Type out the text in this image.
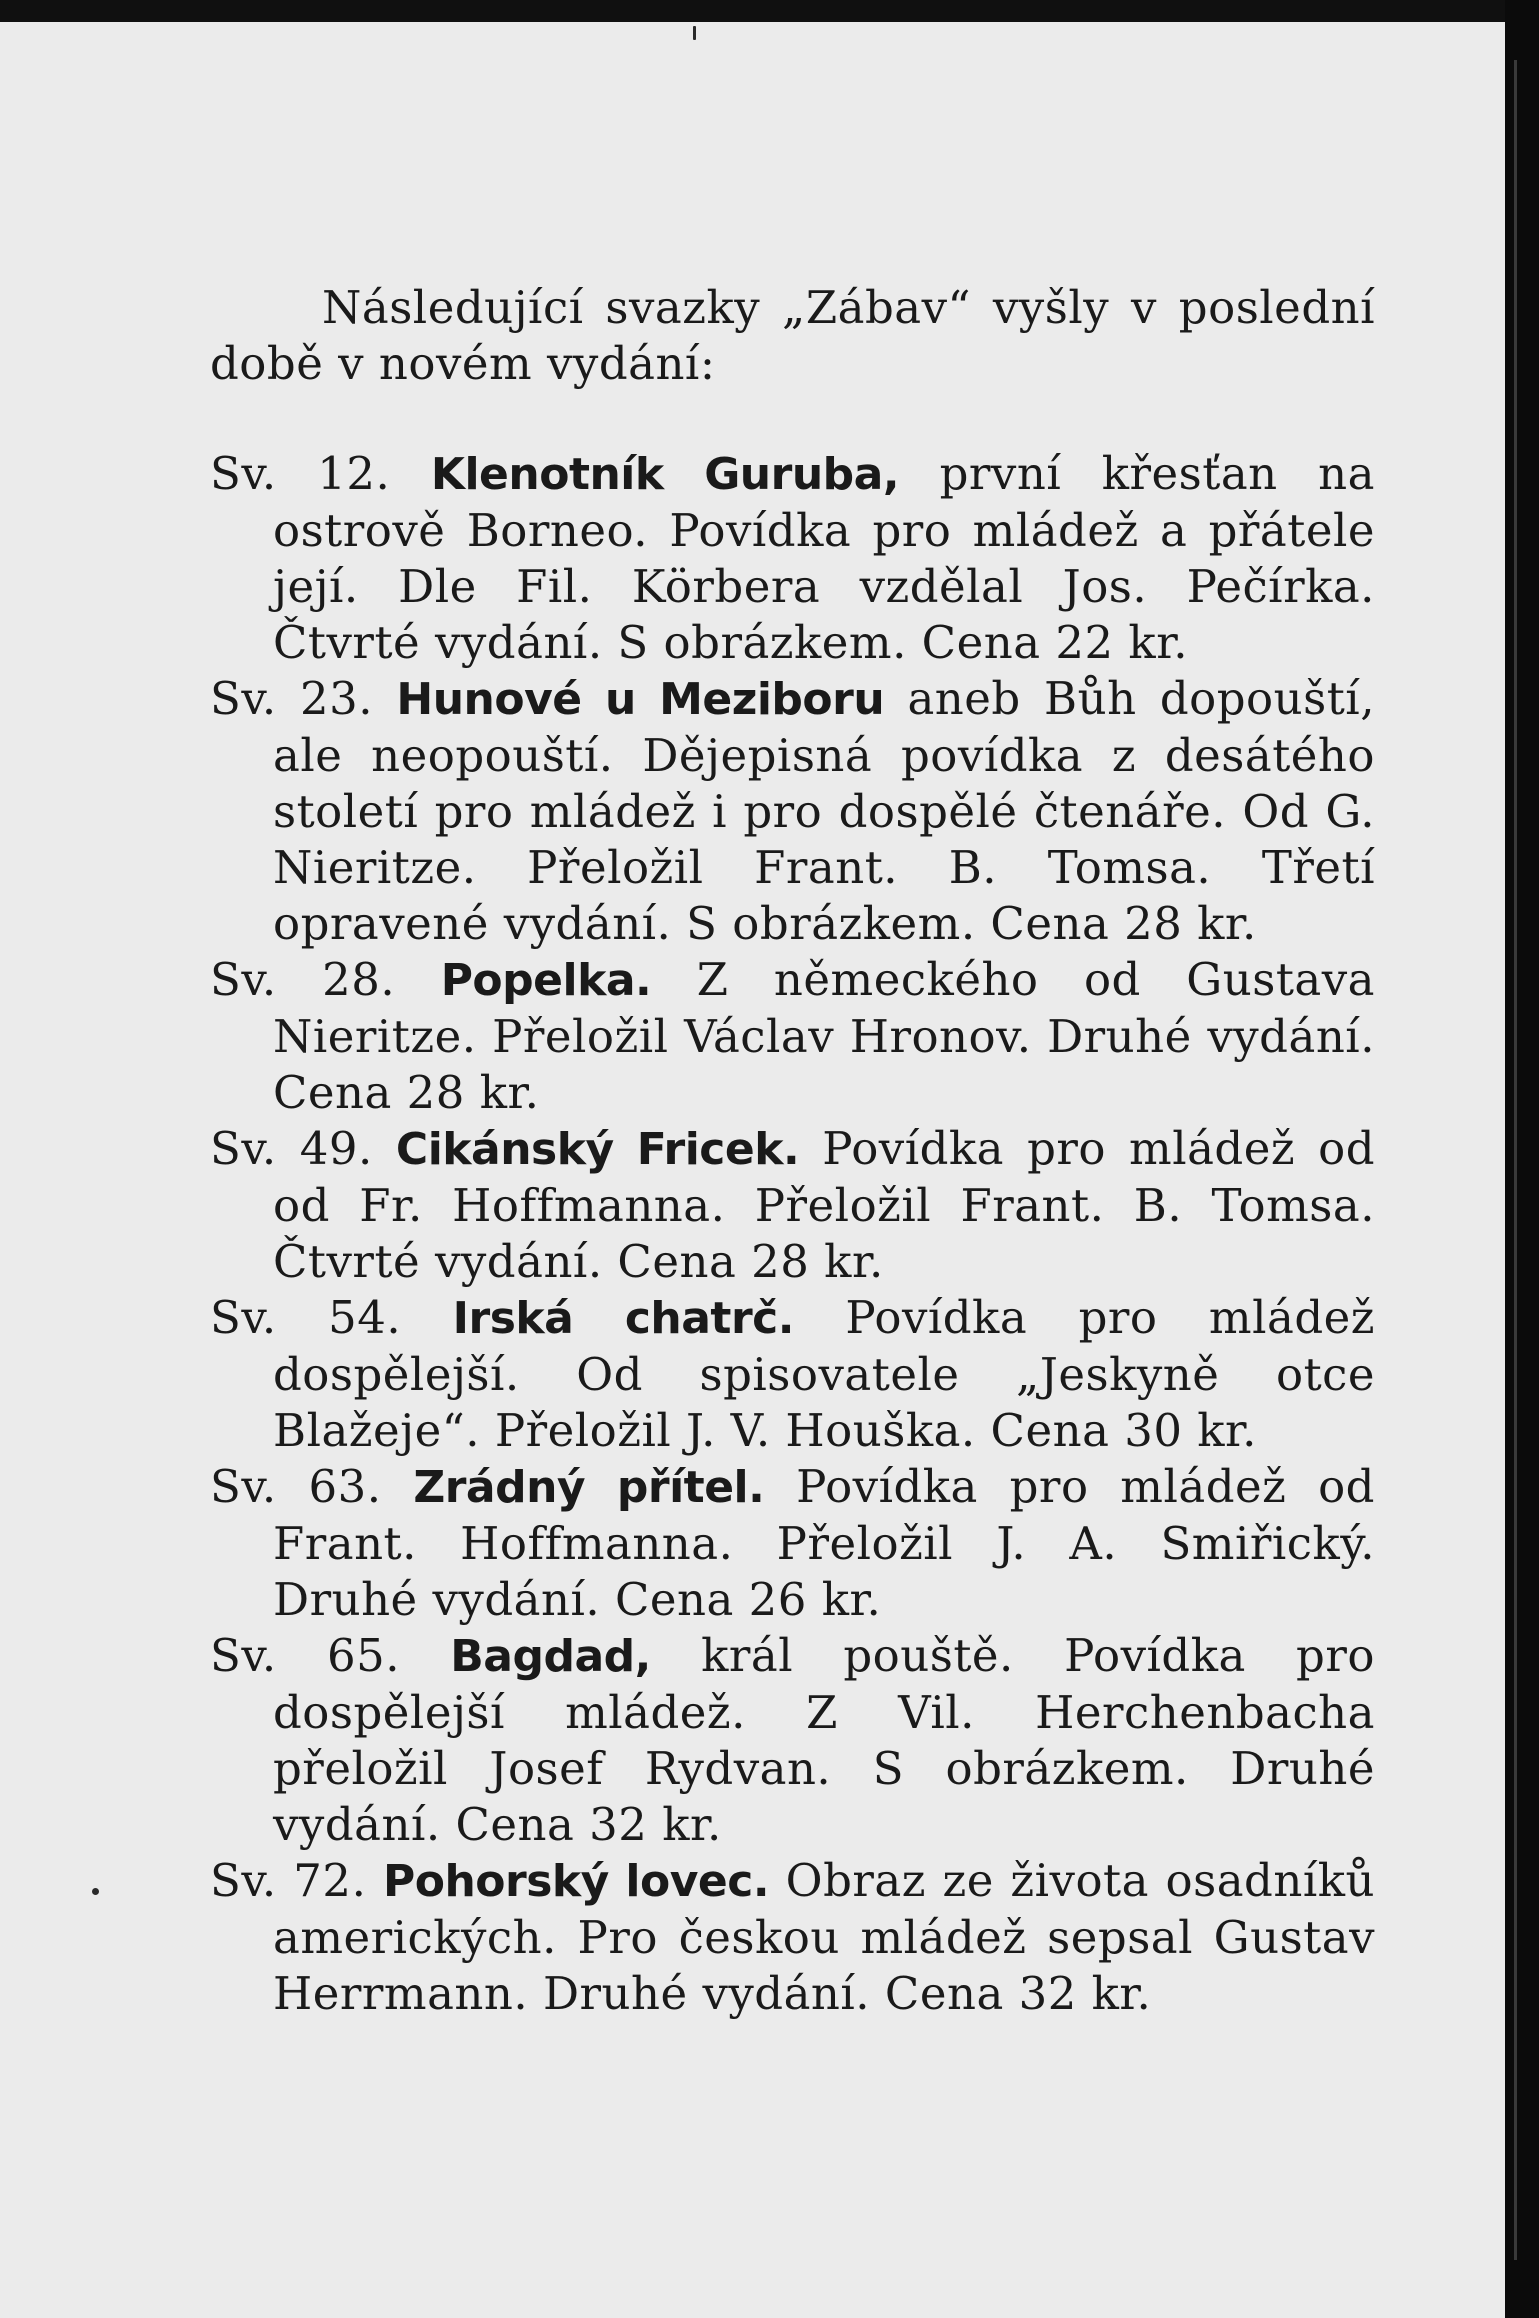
Následující svazky „Zábav“ vyšly v poslední době v novém vydání:

Sv. 12. Klenotník Guruba, první křesťan na ostrově Borneo. Povídka pro mládež a přátele její. Dle Fil. Körbera vzdělal Jos. Pečírka. Čtvrté vydání. S obrázkem. Cena 22 kr.

Sv. 23. Hunové u Meziboru aneb Bůh dopouští, ale neopouští. Dějepisná povídka z desátého století pro mládež i pro dospělé čtenáře. Od G. Nieritze. Přeložil Frant. B. Tomsa. Třetí opravené vydání. S obrázkem. Cena 28 kr.

Sv. 28. Popelka. Z německého od Gustava Nieritze. Přeložil Václav Hronov. Druhé vydání. Cena 28 kr.

Sv. 49. Cikánský Fricek. Povídka pro mládež od od Fr. Hoffmanna. Přeložil Frant. B. Tomsa. Čtvrté vydání. Cena 28 kr.

Sv. 54. Irská chatrč. Povídka pro mládež dospělejší. Od spisovatele „Jeskyně otce Blažeje“. Přeložil J. V. Houška. Cena 30 kr.

Sv. 63. Zrádný přítel. Povídka pro mládež od Frant. Hoffmanna. Přeložil J. A. Smiřický. Druhé vydání. Cena 26 kr.

Sv. 65. Bagdad, král pouště. Povídka pro dospělejší mládež. Z Vil. Herchenbacha přeložil Josef Rydvan. S obrázkem. Druhé vydání. Cena 32 kr.

Sv. 72. Pohorský lovec. Obraz ze života osadníků amerických. Pro českou mládež sepsal Gustav Herrmann. Druhé vydání. Cena 32 kr.
